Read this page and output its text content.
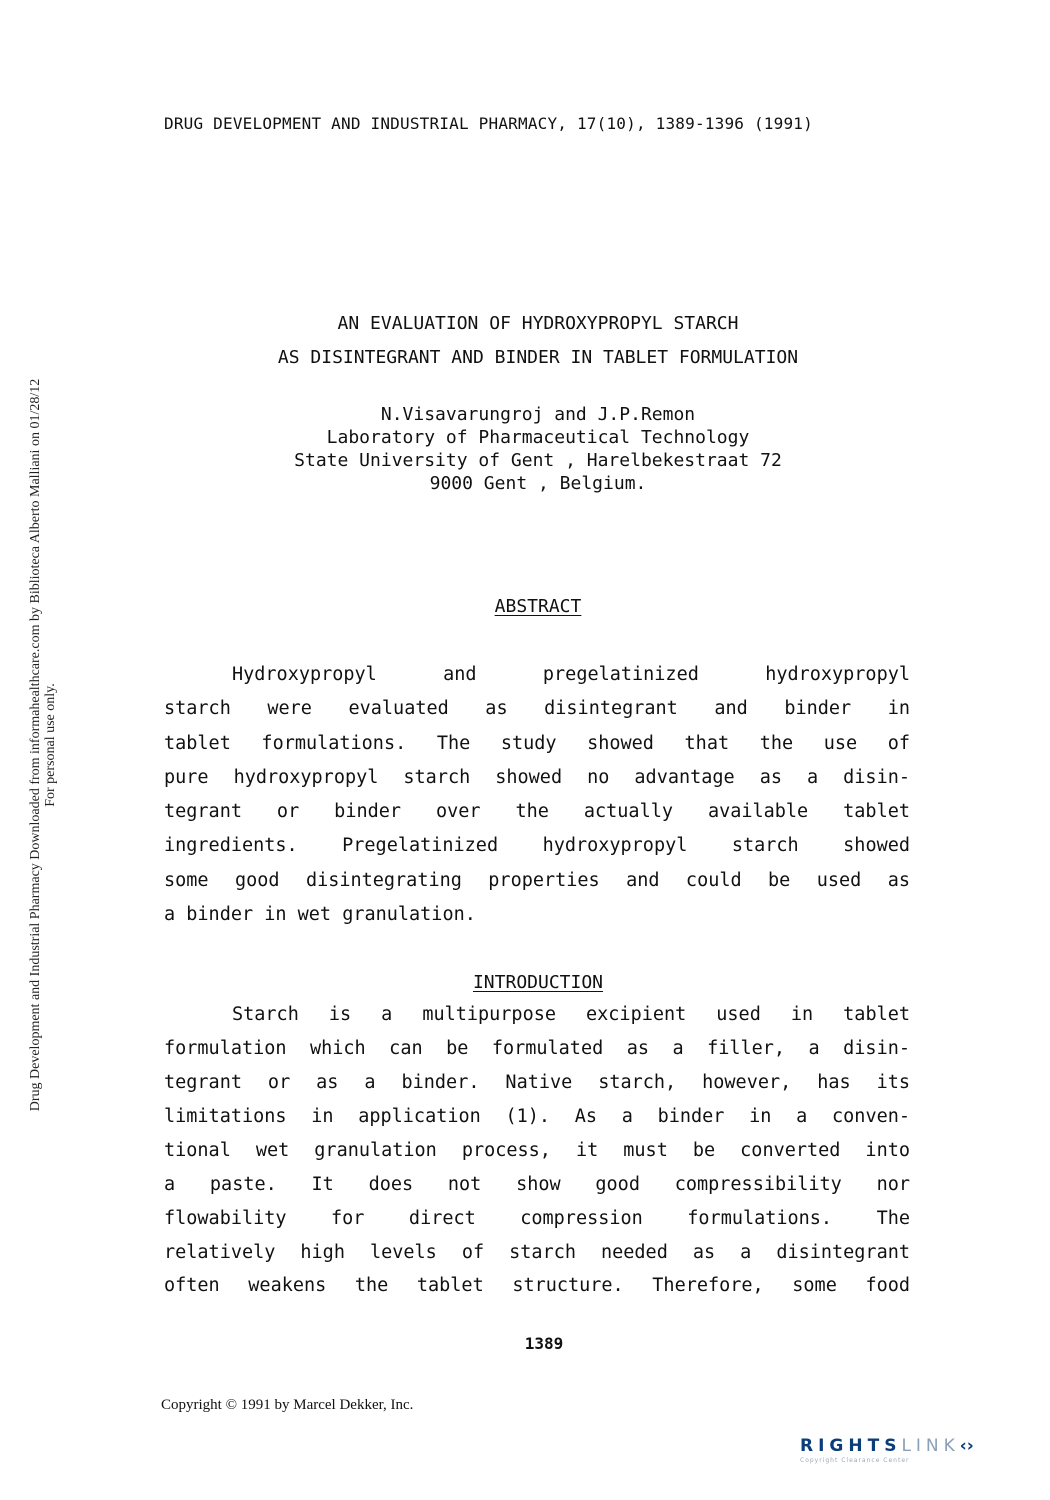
DRUG DEVELOPMENT AND INDUSTRIAL PHARMACY, 17(10), 1389-1396 (1991)
Drug Development and Industrial Pharmacy Downloaded from informahealthcare.com by Biblioteca Alberto Malliani on 01/28/12 For personal use only.
AN EVALUATION OF HYDROXYPROPYL STARCH
AS DISINTEGRANT AND BINDER IN TABLET FORMULATION
N.Visavarungroj and J.P.Remon
Laboratory of Pharmaceutical Technology
State University of Gent , Harelbekestraat 72
9000 Gent , Belgium.
ABSTRACT
Hydroxypropyl and pregelatinized hydroxypropyl
starch were evaluated as disintegrant and binder in
tablet formulations. The study showed that the use of
pure hydroxypropyl starch showed no advantage as a disin-
tegrant or binder over the actually available tablet
ingredients. Pregelatinized hydroxypropyl starch showed
some good disintegrating properties and could be used as
a binder in wet granulation.
INTRODUCTION
Starch is a multipurpose excipient used in tablet
formulation which can be formulated as a filler, a disin-
tegrant or as a binder. Native starch, however, has its
limitations in application (1). As a binder in a conven-
tional wet granulation process, it must be converted into
a paste. It does not show good compressibility nor
flowability for direct compression formulations. The
relatively high levels of starch needed as a disintegrant
often weakens the tablet structure. Therefore, some food
1389
Copyright © 1991 by Marcel Dekker, Inc.
RIGHTSLINK‹›
Copyright Clearance Center
